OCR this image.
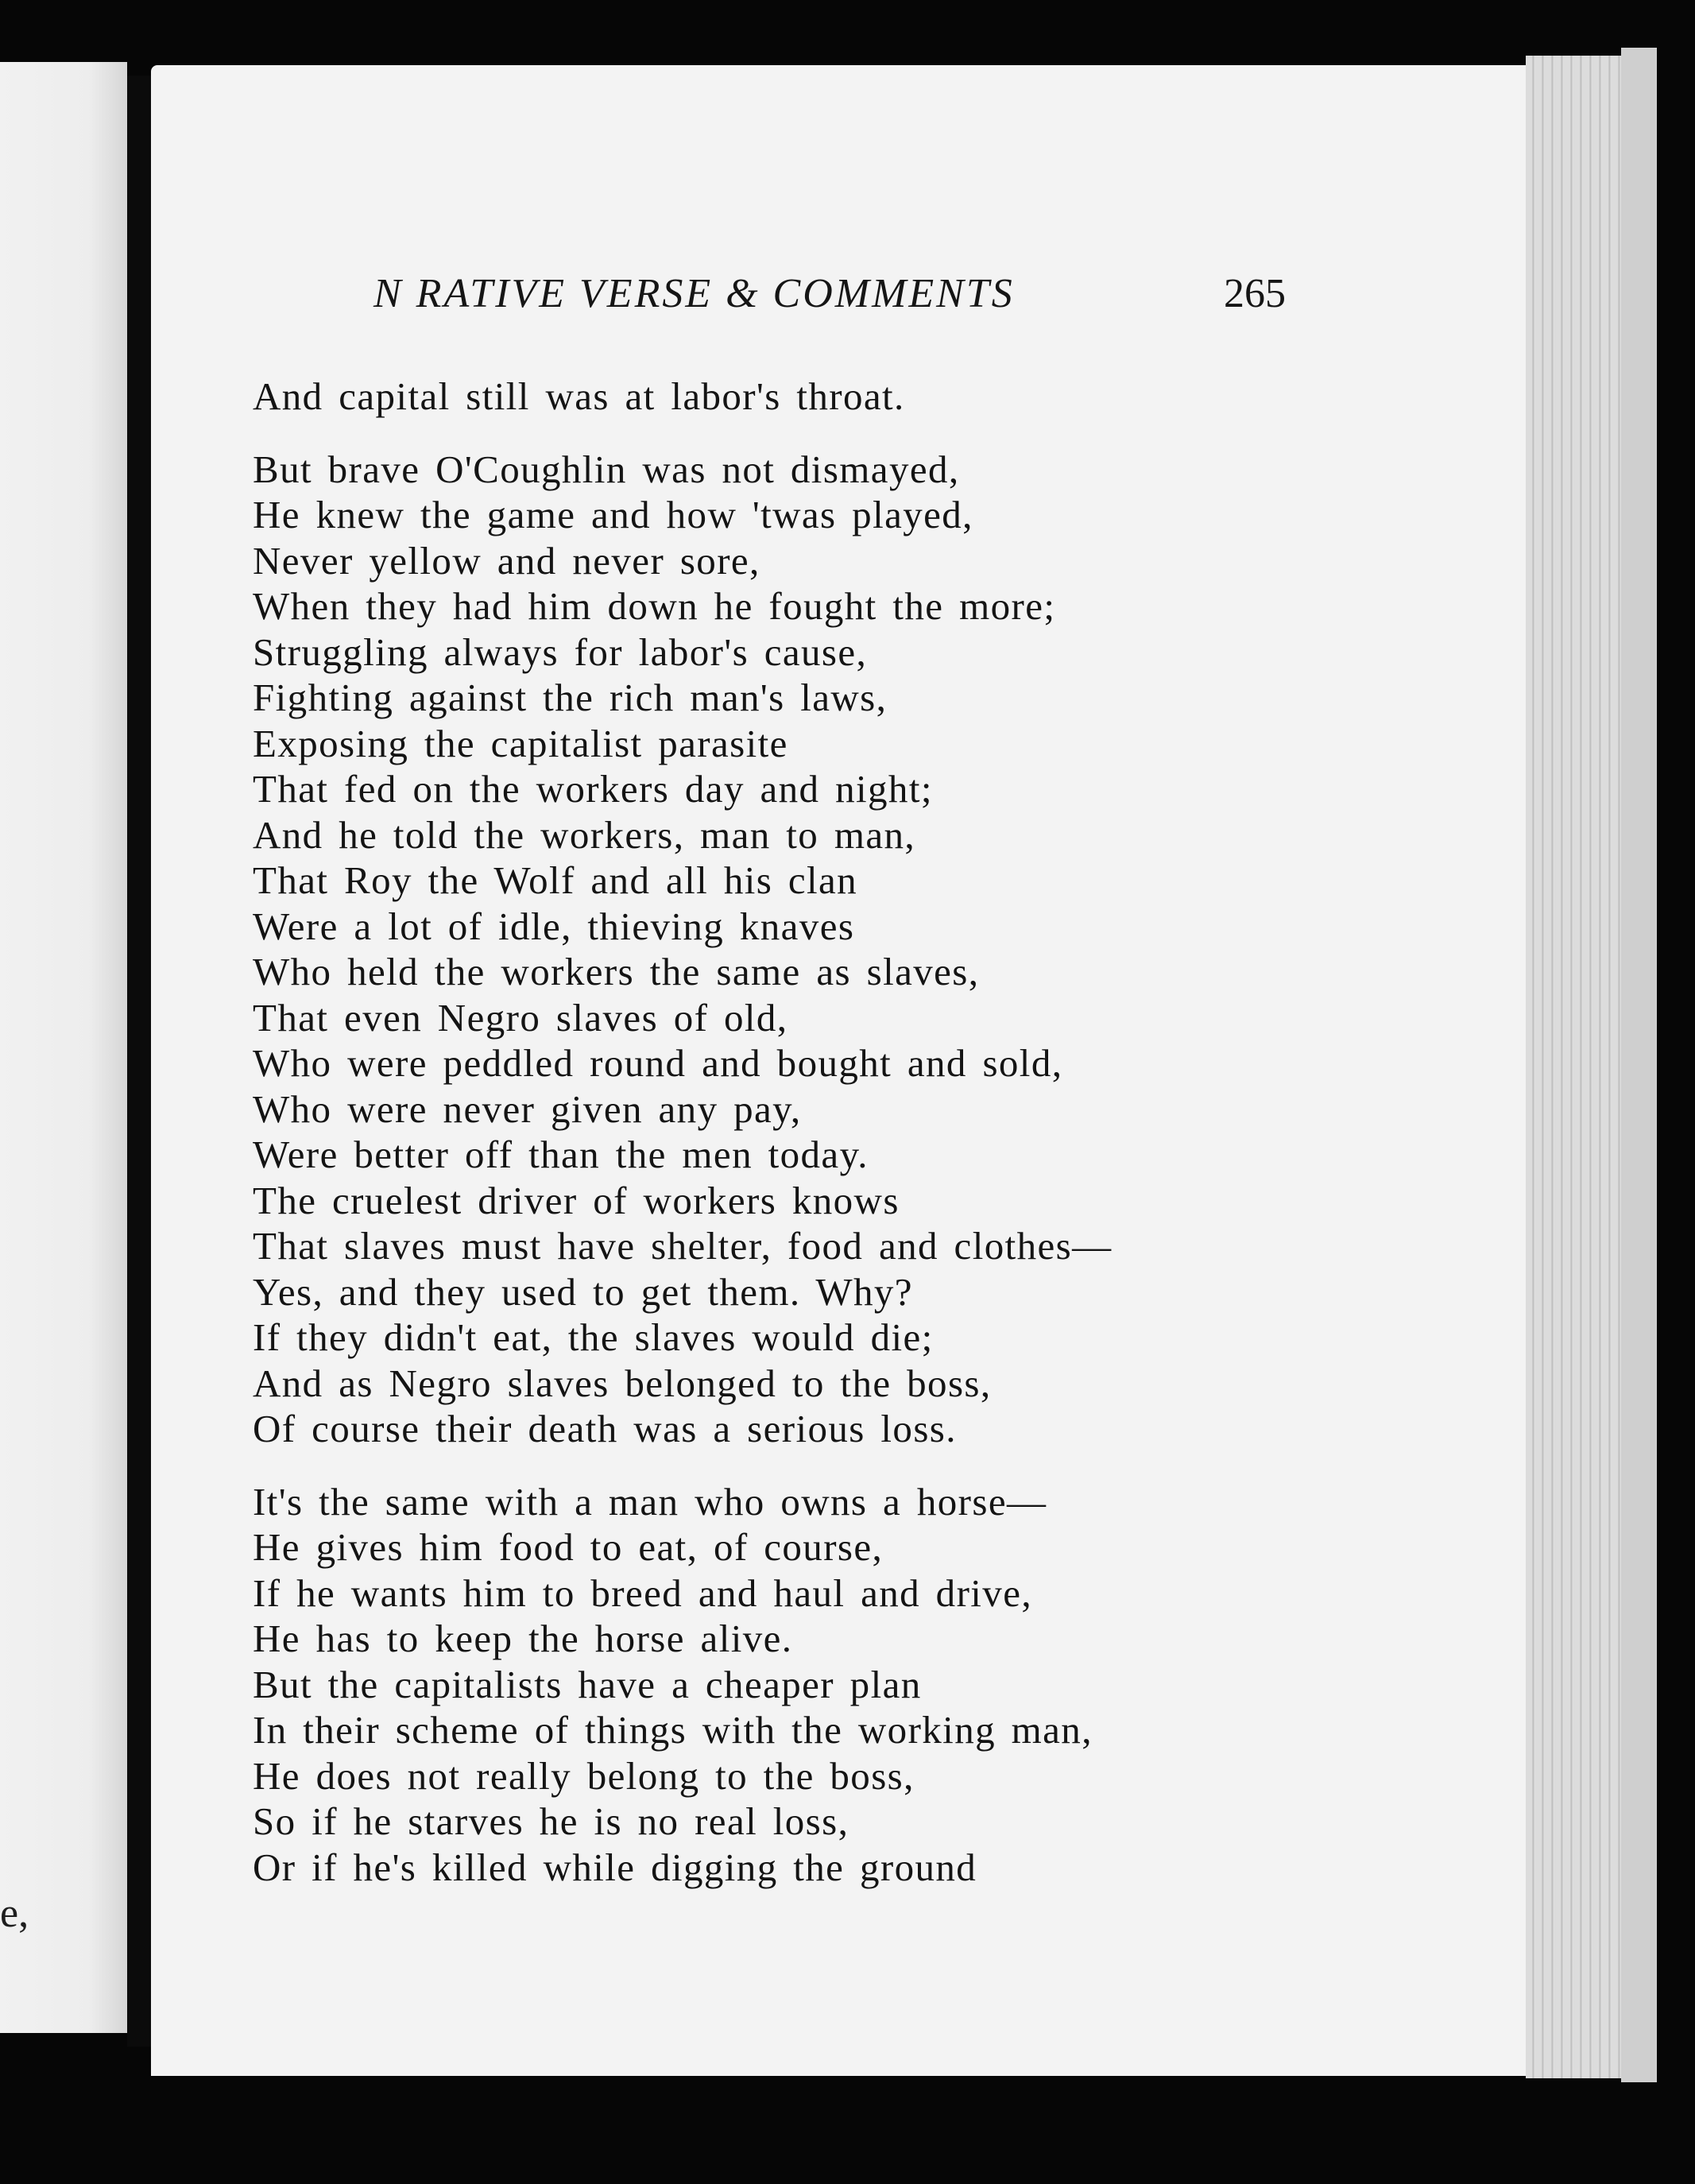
e,
N RATIVE VERSE & COMMENTS	265
And capital still was at labor's throat.
But brave O'Coughlin was not dismayed,
He knew the game and how 'twas played,
Never yellow and never sore,
When they had him down he fought the more;
Struggling always for labor's cause,
Fighting against the rich man's laws,
Exposing the capitalist parasite
That fed on the workers day and night;
And he told the workers, man to man,
That Roy the Wolf and all his clan
Were a lot of idle, thieving knaves
Who held the workers the same as slaves,
That even Negro slaves of old,
Who were peddled round and bought and sold,
Who were never given any pay,
Were better off than the men today.
The cruelest driver of workers knows
That slaves must have shelter, food and clothes—
Yes, and they used to get them. Why?
If they didn't eat, the slaves would die;
And as Negro slaves belonged to the boss,
Of course their death was a serious loss.
It's the same with a man who owns a horse—
He gives him food to eat, of course,
If he wants him to breed and haul and drive,
He has to keep the horse alive.
But the capitalists have a cheaper plan
In their scheme of things with the working man,
He does not really belong to the boss,
So if he starves he is no real loss,
Or if he's killed while digging the ground
